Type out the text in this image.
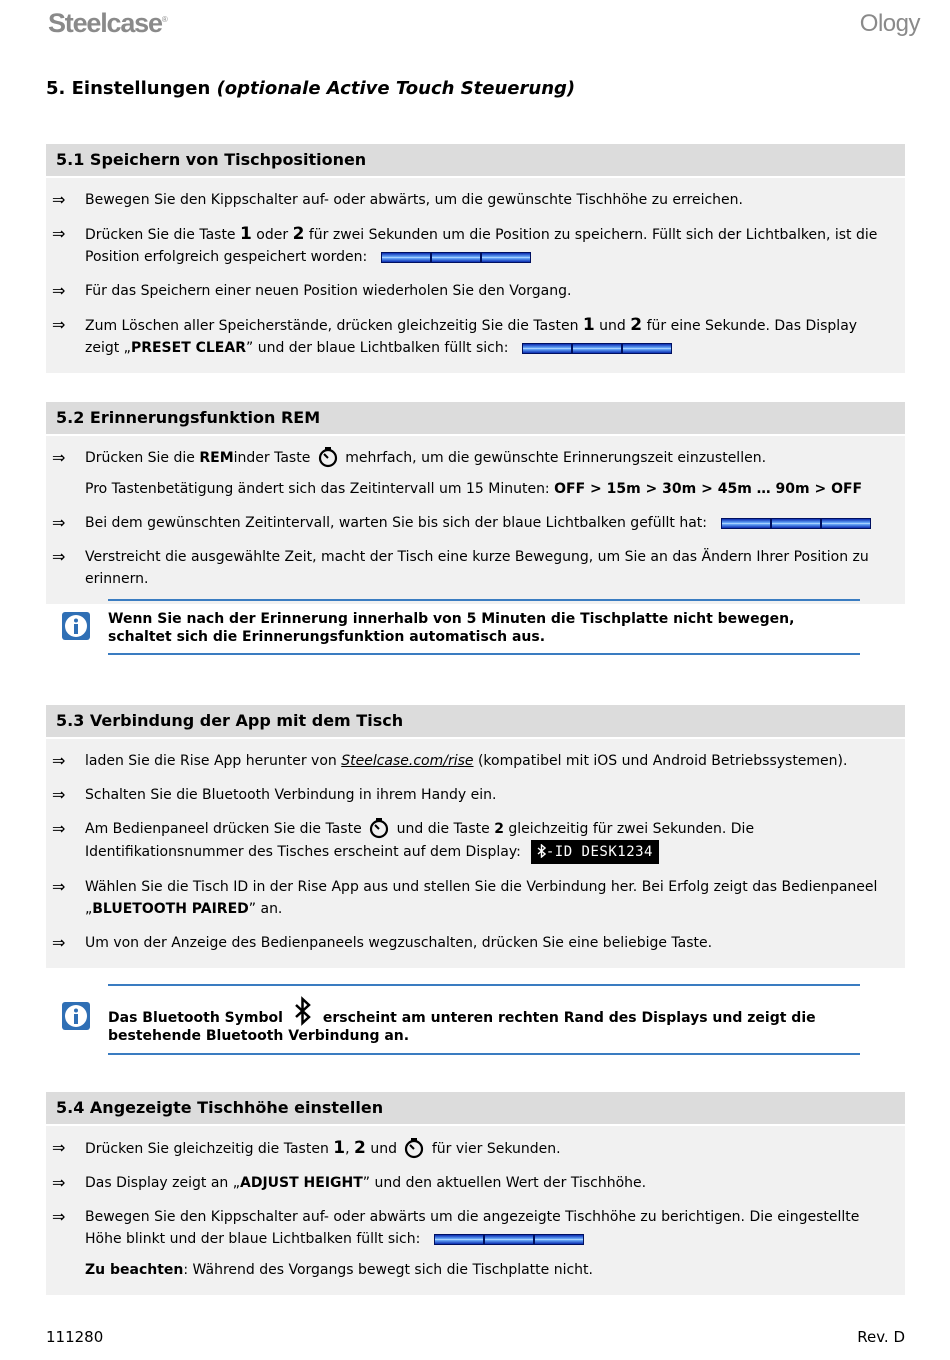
Steelcase®	Ology
5. Einstellungen (optionale Active Touch Steuerung)
5.1 Speichern von Tischpositionen
⇒ Bewegen Sie den Kippschalter auf- oder abwärts, um die gewünschte Tischhöhe zu erreichen.
⇒ Drücken Sie die Taste 1 oder 2 für zwei Sekunden um die Position zu speichern. Füllt sich der Lichtbalken, ist die Position erfolgreich gespeichert worden:
⇒ Für das Speichern einer neuen Position wiederholen Sie den Vorgang.
⇒ Zum Löschen aller Speicherstände, drücken gleichzeitig Sie die Tasten 1 und 2 für eine Sekunde. Das Display zeigt „PRESET CLEAR” und der blaue Lichtbalken füllt sich:
5.2 Erinnerungsfunktion REM
⇒ Drücken Sie die REMinder Taste  mehrfach, um die gewünschte Erinnerungszeit einzustellen.
Pro Tastenbetätigung ändert sich das Zeitintervall um 15 Minuten: OFF > 15m > 30m > 45m … 90m > OFF
⇒ Bei dem gewünschten Zeitintervall, warten Sie bis sich der blaue Lichtbalken gefüllt hat:
⇒ Verstreicht die ausgewählte Zeit, macht der Tisch eine kurze Bewegung, um Sie an das Ändern Ihrer Position zu erinnern.
Wenn Sie nach der Erinnerung innerhalb von 5 Minuten die Tischplatte nicht bewegen, schaltet sich die Erinnerungsfunktion automatisch aus.
5.3 Verbindung der App mit dem Tisch
⇒ laden Sie die Rise App herunter von Steelcase.com/rise (kompatibel mit iOS und Android Betriebssystemen).
⇒ Schalten Sie die Bluetooth Verbindung in ihrem Handy ein.
⇒ Am Bedienpaneel drücken Sie die Taste  und die Taste 2 gleichzeitig für zwei Sekunden. Die Identifikationsnummer des Tisches erscheint auf dem Display: -ID DESK1234
⇒ Wählen Sie die Tisch ID in der Rise App aus und stellen Sie die Verbindung her. Bei Erfolg zeigt das Bedienpaneel „BLUETOOTH PAIRED” an.
⇒ Um von der Anzeige des Bedienpaneels wegzuschalten, drücken Sie eine beliebige Taste.
Das Bluetooth Symbol	erscheint am unteren rechten Rand des Displays und zeigt die bestehende Bluetooth Verbindung an.
5.4 Angezeigte Tischhöhe einstellen
⇒ Drücken Sie gleichzeitig die Tasten 1, 2 und  für vier Sekunden.
⇒ Das Display zeigt an „ADJUST HEIGHT” und den aktuellen Wert der Tischhöhe.
⇒ Bewegen Sie den Kippschalter auf- oder abwärts um die angezeigte Tischhöhe zu berichtigen. Die eingestellte Höhe blinkt und der blaue Lichtbalken füllt sich:
Zu beachten: Während des Vorgangs bewegt sich die Tischplatte nicht.
111280	Rev. D
